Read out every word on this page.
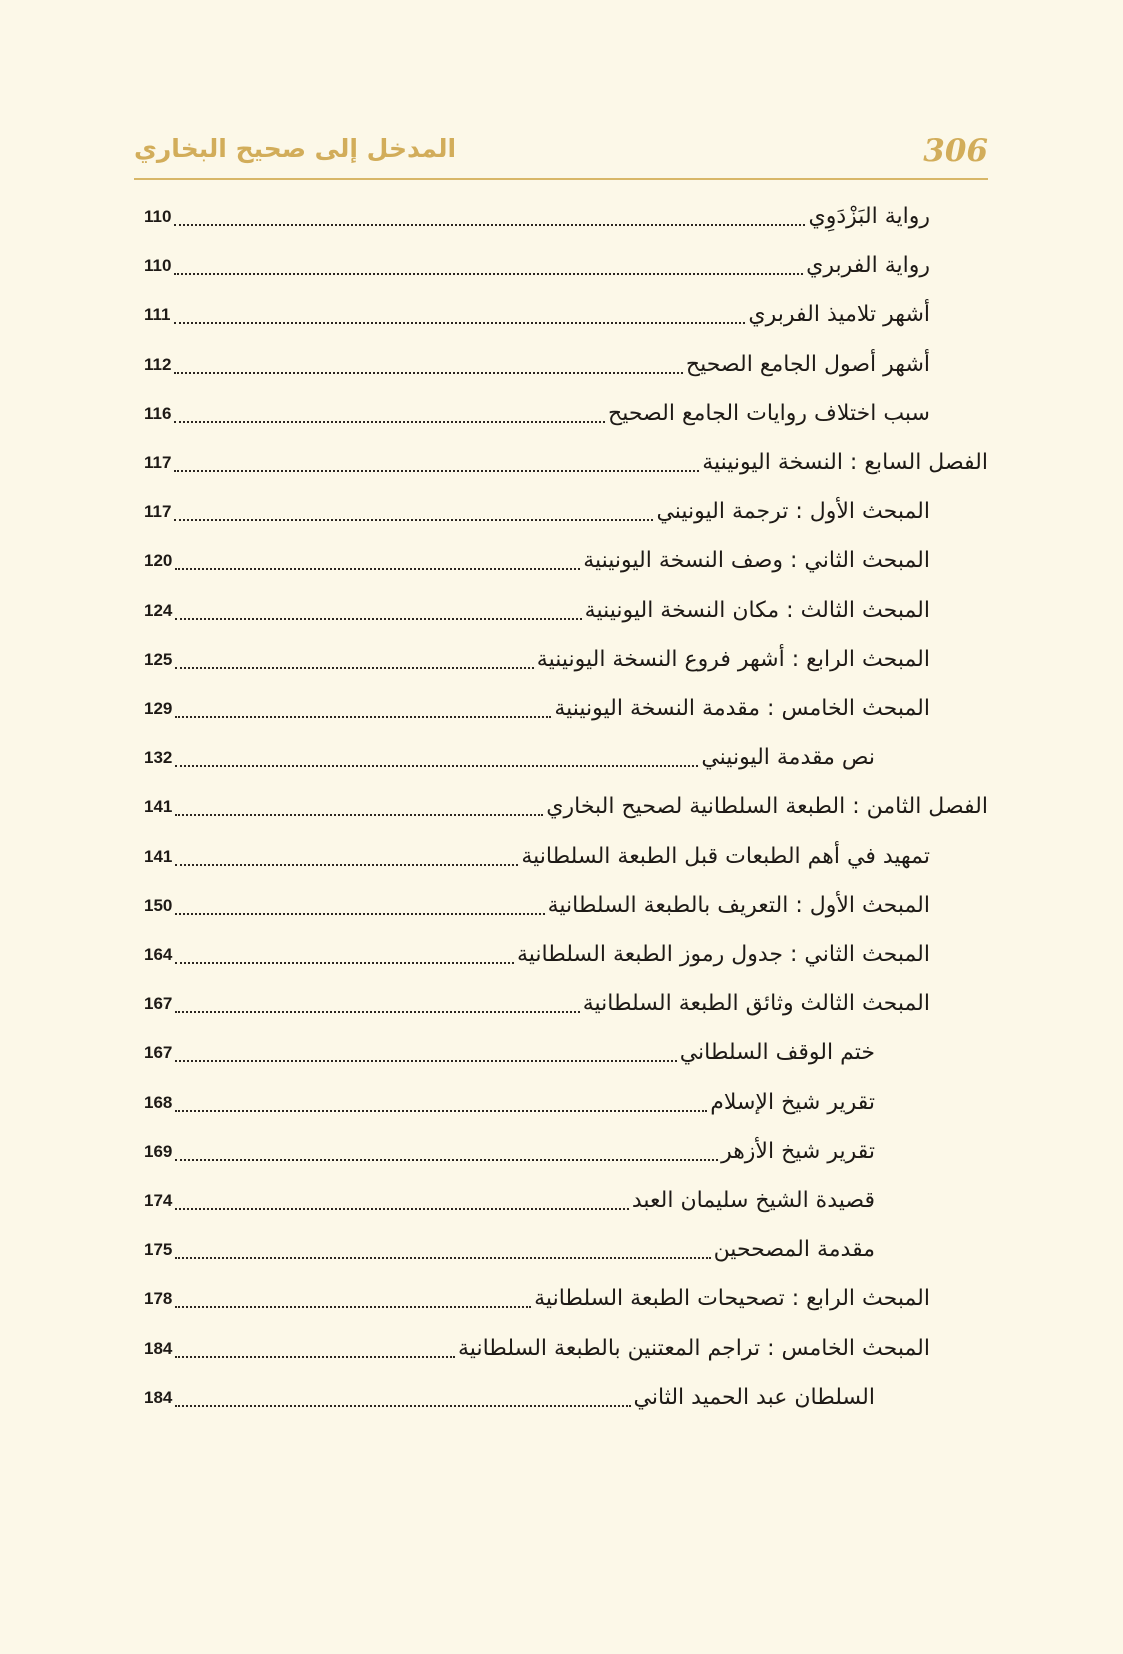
306
المدخل إلى صحيح البخاري
رواية البَزْدَوِي
110
رواية الفربري
110
أشهر تلاميذ الفربري
111
أشهر أصول الجامع الصحيح
112
سبب اختلاف روايات الجامع الصحيح
116
الفصل السابع : النسخة اليونينية
117
المبحث الأول : ترجمة اليونيني
117
المبحث الثاني : وصف النسخة اليونينية
120
المبحث الثالث : مكان النسخة اليونينية
124
المبحث الرابع : أشهر فروع النسخة اليونينية
125
المبحث الخامس : مقدمة النسخة اليونينية
129
نص مقدمة اليونيني
132
الفصل الثامن : الطبعة السلطانية لصحيح البخاري
141
تمهيد في أهم الطبعات قبل الطبعة السلطانية
141
المبحث الأول : التعريف بالطبعة السلطانية
150
المبحث الثاني : جدول رموز الطبعة السلطانية
164
المبحث الثالث وثائق الطبعة السلطانية
167
ختم الوقف السلطاني
167
تقرير شيخ الإسلام
168
تقرير شيخ الأزهر
169
قصيدة الشيخ سليمان العبد
174
مقدمة المصححين
175
المبحث الرابع : تصحيحات الطبعة السلطانية
178
المبحث الخامس : تراجم المعتنين بالطبعة السلطانية
184
السلطان عبد الحميد الثاني
184
